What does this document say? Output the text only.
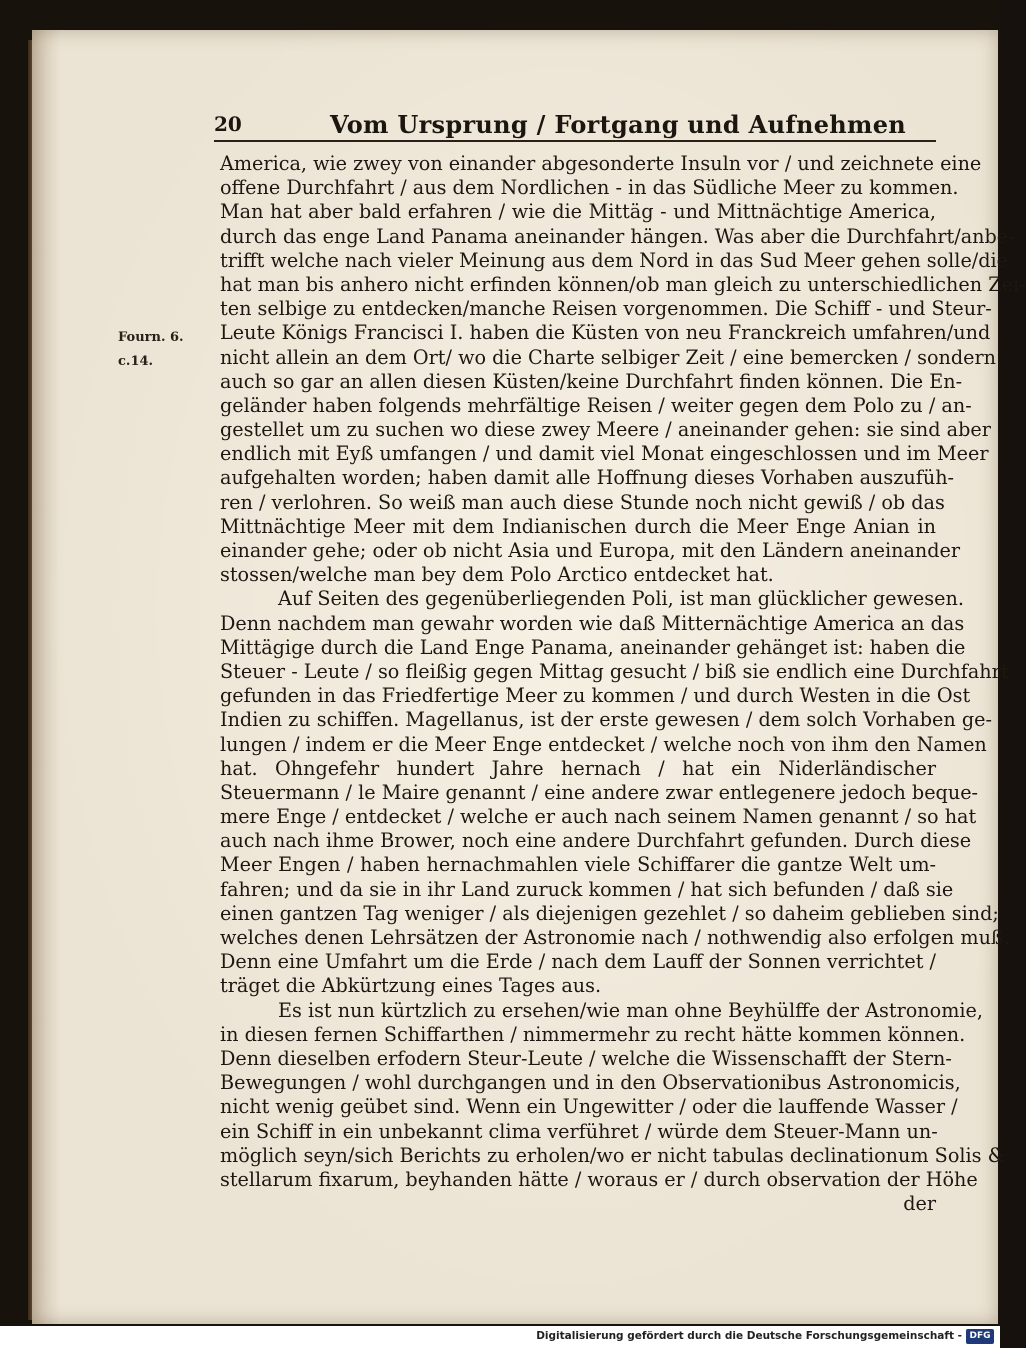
20	Vom Ursprung / Fortgang und Aufnehmen
Fourn. 6.
c.14.
America, wie zwey von einander abgesonderte Insuln vor / und zeichnete eine
offene Durchfahrt / aus dem Nordlichen - in das Südliche Meer zu kommen.
Man hat aber bald erfahren / wie die Mittäg - und Mittnächtige America,
durch das enge Land Panama aneinander hängen. Was aber die Durchfahrt/anbe-
trifft welche nach vieler Meinung aus dem Nord in das Sud Meer gehen solle/die
hat man bis anhero nicht erfinden können/ob man gleich zu unterschiedlichen Zei-
ten selbige zu entdecken/manche Reisen vorgenommen. Die Schiff - und Steur-
Leute Königs Francisci I. haben die Küsten von neu Franckreich umfahren/und
nicht allein an dem Ort/ wo die Charte selbiger Zeit / eine bemercken / sondern
auch so gar an allen diesen Küsten/keine Durchfahrt finden können. Die En-
geländer haben folgends mehrfältige Reisen / weiter gegen dem Polo zu / an-
gestellet um zu suchen wo diese zwey Meere / aneinander gehen: sie sind aber
endlich mit Eyß umfangen / und damit viel Monat eingeschlossen und im Meer
aufgehalten worden; haben damit alle Hoffnung dieses Vorhaben auszufüh-
ren / verlohren. So weiß man auch diese Stunde noch nicht gewiß / ob das
Mittnächtige Meer mit dem Indianischen durch die Meer Enge Anian in
einander gehe; oder ob nicht Asia und Europa, mit den Ländern aneinander
stossen/welche man bey dem Polo Arctico entdecket hat.
Auf Seiten des gegenüberliegenden Poli, ist man glücklicher gewesen.
Denn nachdem man gewahr worden wie daß Mitternächtige America an das
Mittägige durch die Land Enge Panama, aneinander gehänget ist: haben die
Steuer - Leute / so fleißig gegen Mittag gesucht / biß sie endlich eine Durchfahrt
gefunden in das Friedfertige Meer zu kommen / und durch Westen in die Ost
Indien zu schiffen. Magellanus, ist der erste gewesen / dem solch Vorhaben ge-
lungen / indem er die Meer Enge entdecket / welche noch von ihm den Namen
hat. Ohngefehr hundert Jahre hernach / hat ein Niderländischer
Steuermann / le Maire genannt / eine andere zwar entlegenere jedoch beque-
mere Enge / entdecket / welche er auch nach seinem Namen genannt / so hat
auch nach ihme Brower, noch eine andere Durchfahrt gefunden. Durch diese
Meer Engen / haben hernachmahlen viele Schiffarer die gantze Welt um-
fahren; und da sie in ihr Land zuruck kommen / hat sich befunden / daß sie
einen gantzen Tag weniger / als diejenigen gezehlet / so daheim geblieben sind;
welches denen Lehrsätzen der Astronomie nach / nothwendig also erfolgen muß.
Denn eine Umfahrt um die Erde / nach dem Lauff der Sonnen verrichtet /
träget die Abkürtzung eines Tages aus.
Es ist nun kürtzlich zu ersehen/wie man ohne Beyhülffe der Astronomie,
in diesen fernen Schiffarthen / nimmermehr zu recht hätte kommen können.
Denn dieselben erfodern Steur-Leute / welche die Wissenschafft der Stern-
Bewegungen / wohl durchgangen und in den Observationibus Astronomicis,
nicht wenig geübet sind. Wenn ein Ungewitter / oder die lauffende Wasser /
ein Schiff in ein unbekannt clima verführet / würde dem Steuer-Mann un-
möglich seyn/sich Berichts zu erholen/wo er nicht tabulas declinationum Solis &
stellarum fixarum, beyhanden hätte / woraus er / durch observation der Höhe
der
Digitalisierung gefördert durch die Deutsche Forschungsgemeinschaft - DFG
